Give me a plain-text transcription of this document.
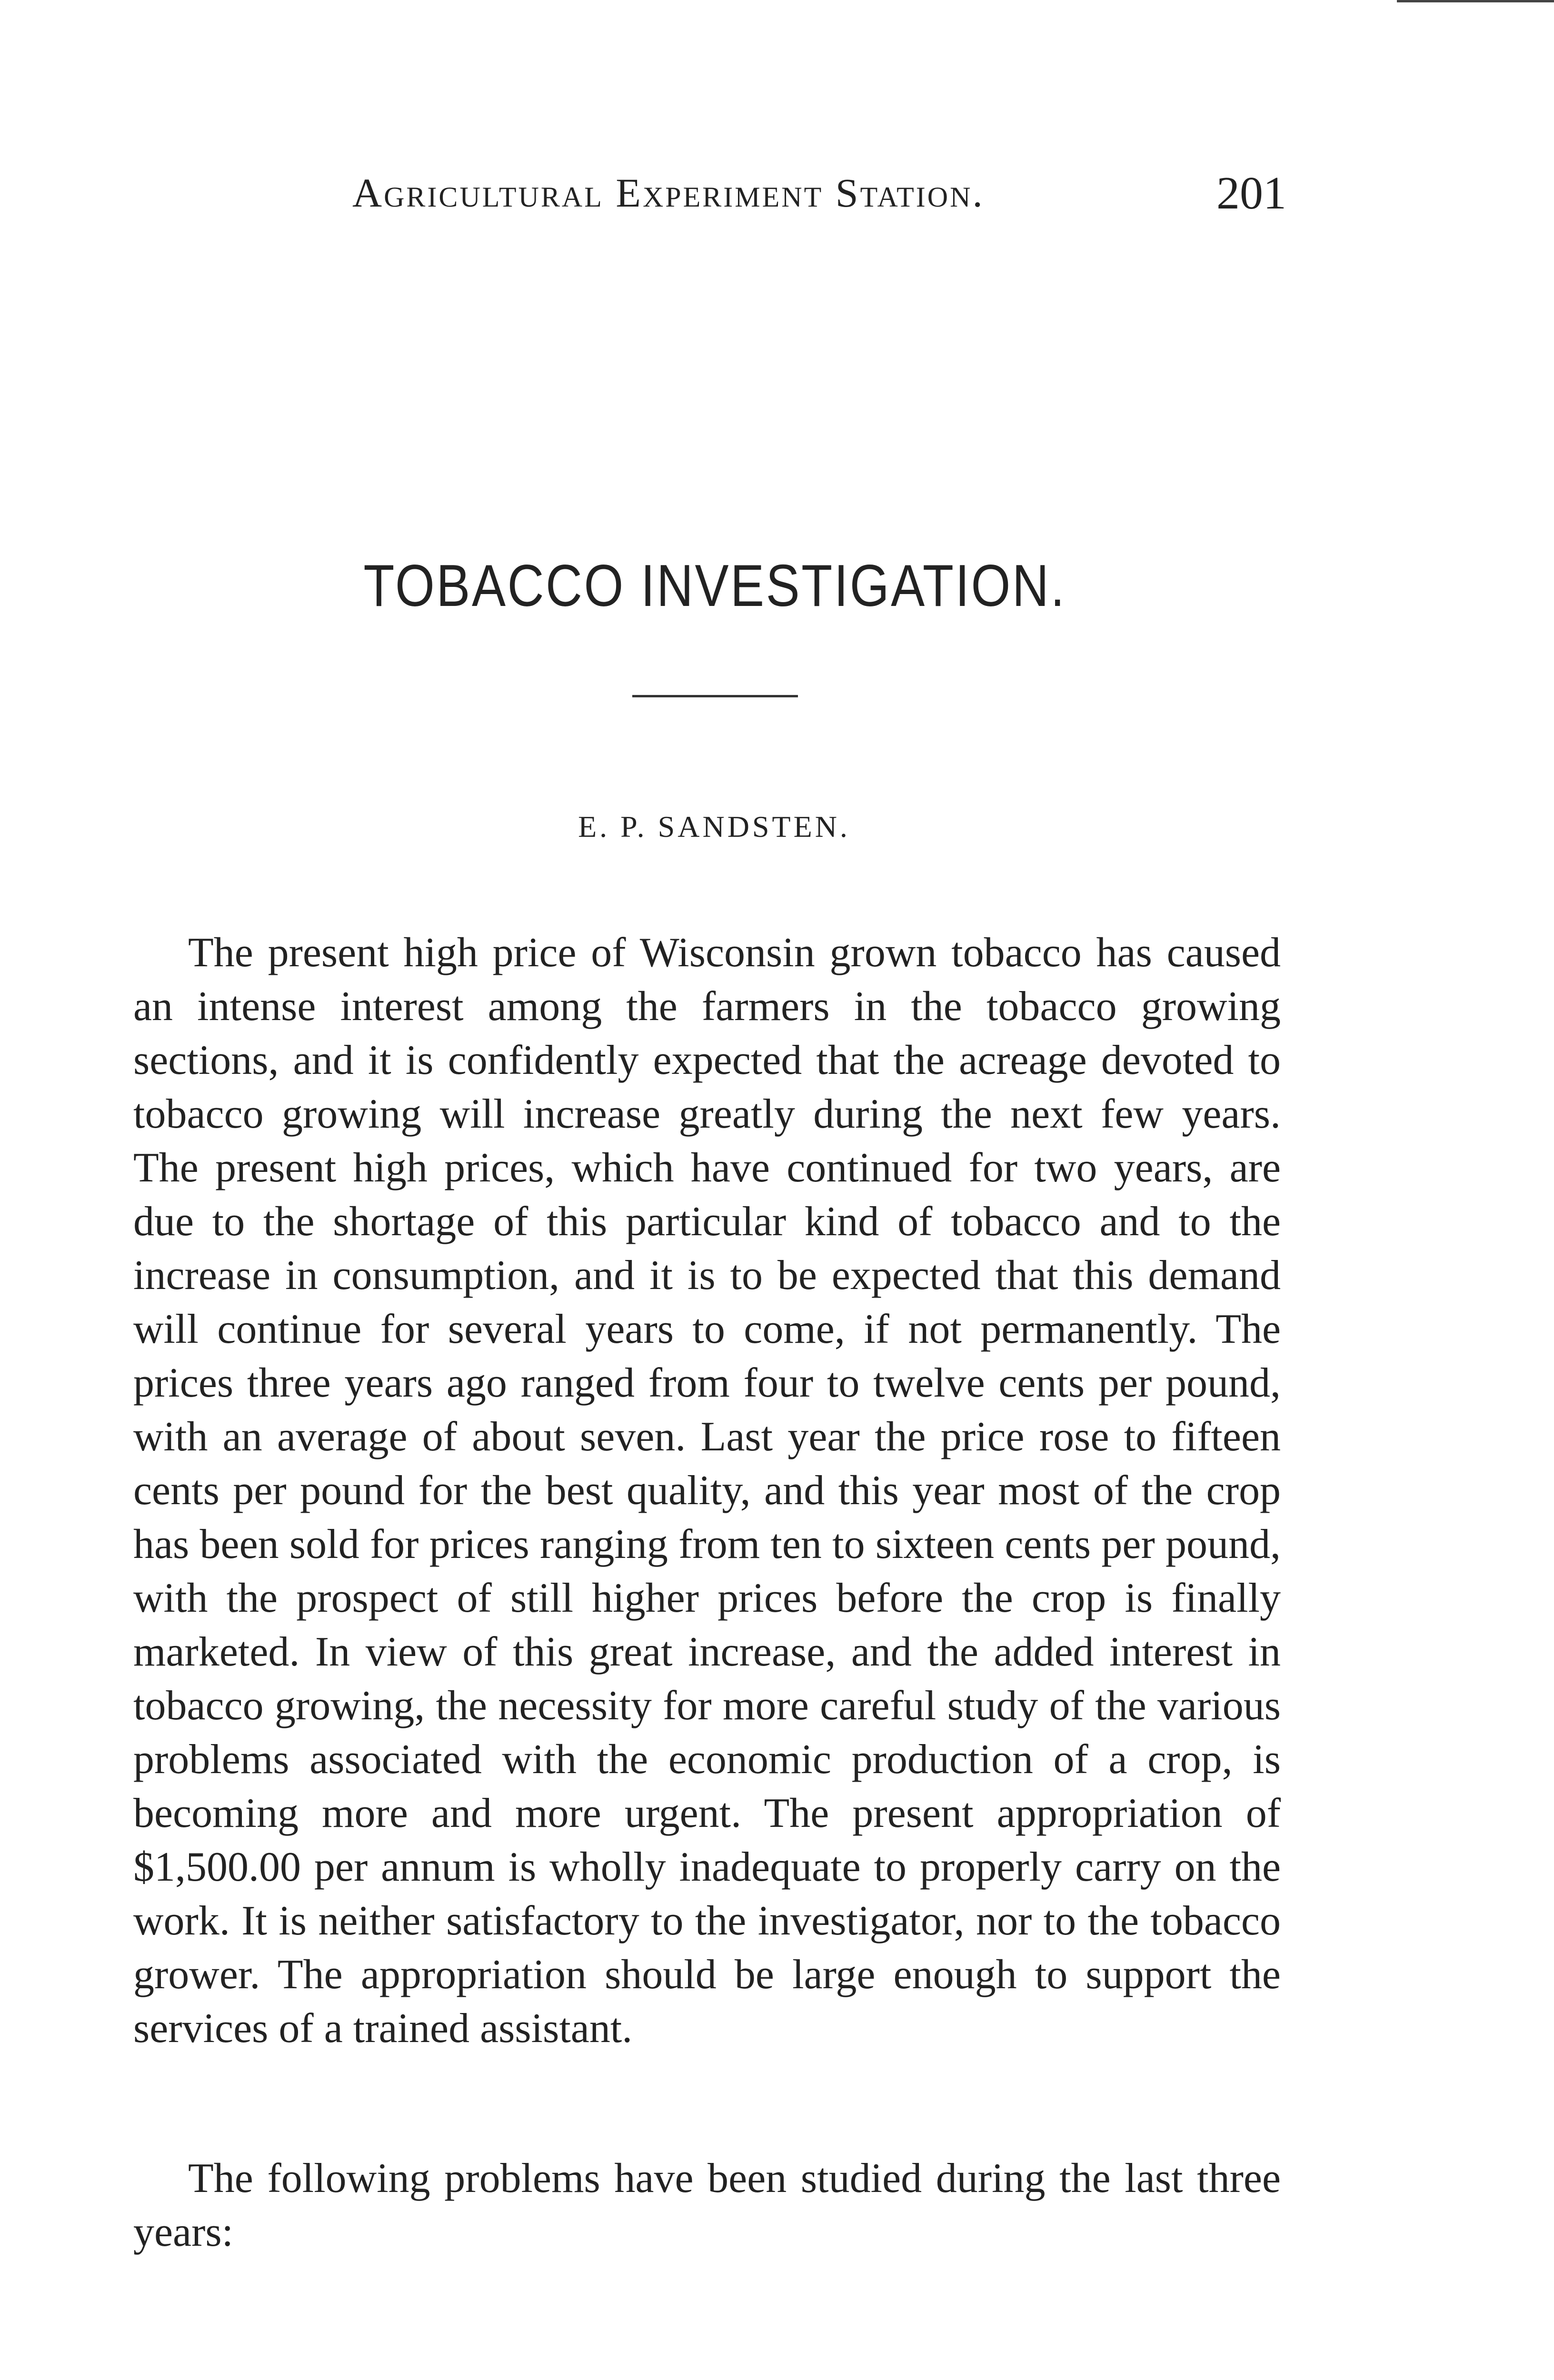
Agricultural Experiment Station.	201
TOBACCO INVESTIGATION.
E. P. SANDSTEN.

The present high price of Wisconsin grown tobacco has caused an intense interest among the farmers in the tobacco growing sections, and it is confidently expected that the acreage devoted to tobacco growing will increase greatly during the next few years. The present high prices, which have continued for two years, are due to the shortage of this particular kind of tobacco and to the increase in consumption, and it is to be expected that this demand will continue for several years to come, if not permanently. The prices three years ago ranged from four to twelve cents per pound, with an average of about seven. Last year the price rose to fifteen cents per pound for the best quality, and this year most of the crop has been sold for prices ranging from ten to sixteen cents per pound, with the prospect of still higher prices before the crop is finally marketed. In view of this great increase, and the added interest in tobacco growing, the necessity for more careful study of the various problems associated with the economic production of a crop, is becoming more and more urgent. The present appropriation of $1,500.00 per annum is wholly inadequate to properly carry on the work. It is neither satisfactory to the investigator, nor to the tobacco grower. The appropriation should be large enough to support the services of a trained assistant.

The following problems have been studied during the last three years:
